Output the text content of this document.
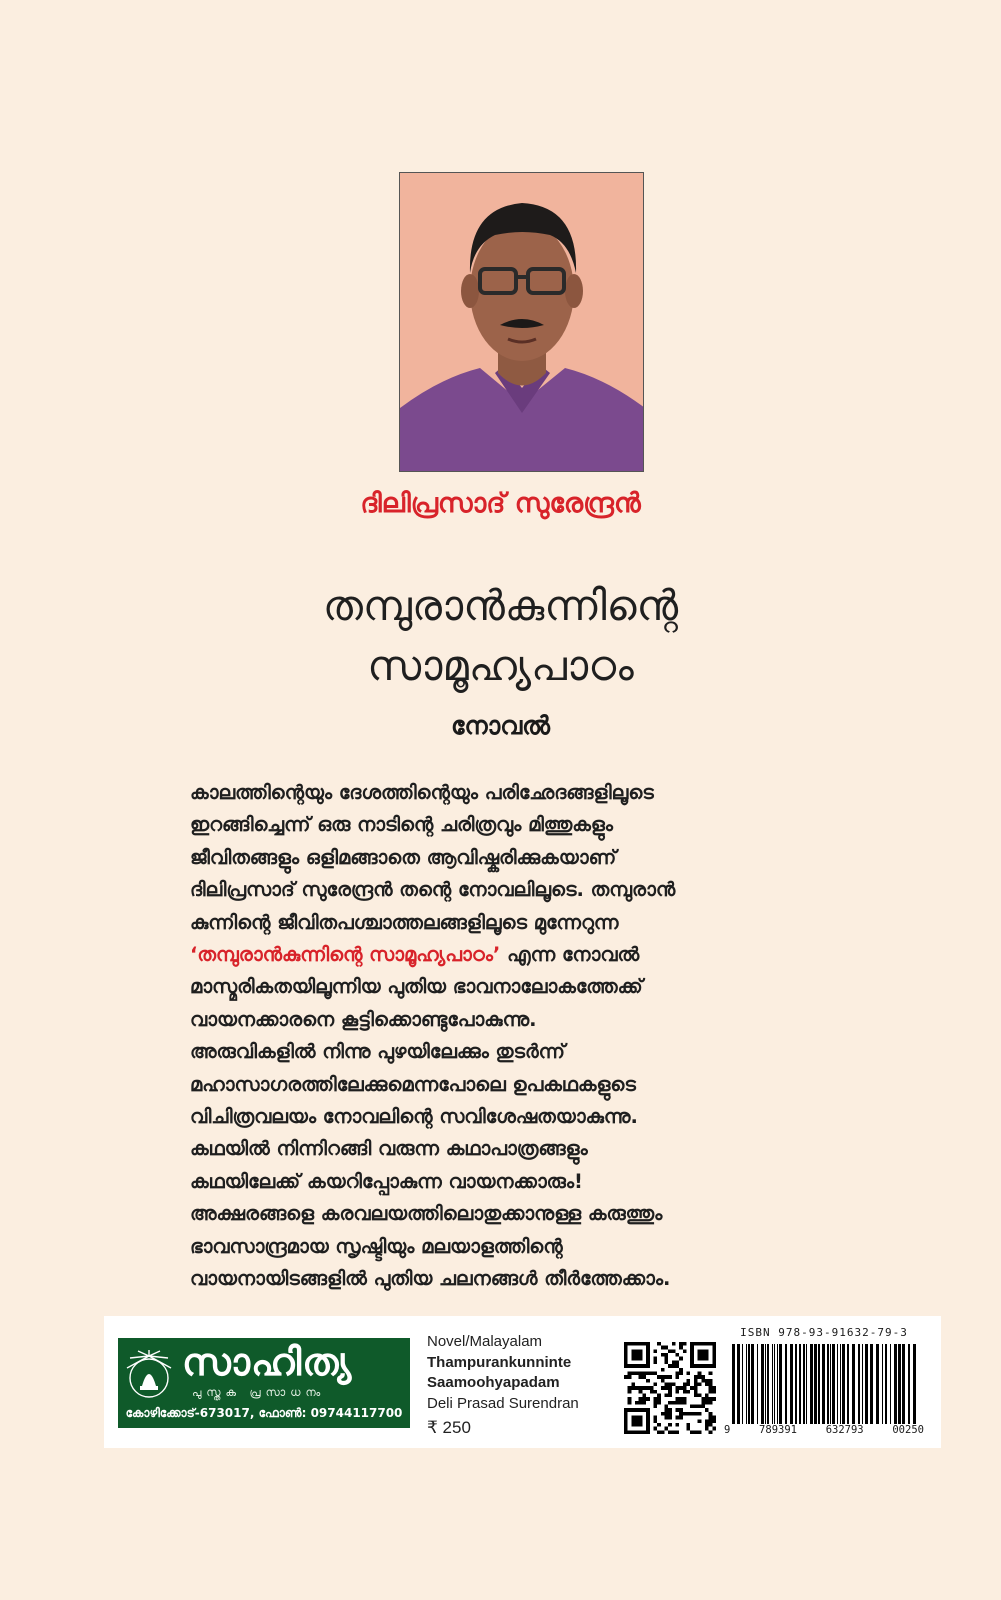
ദിലിപ്രസാദ് സുരേന്ദ്രൻ
തമ്പുരാൻകുന്നിന്റെ
സാമൂഹ്യപാഠം
നോവൽ
കാലത്തിന്റെയും ദേശത്തിന്റെയും പരിഛേദങ്ങളിലൂടെ
ഇറങ്ങിച്ചെന്ന് ഒരു നാടിന്റെ ചരിത്രവും മിത്തുകളും
ജീവിതങ്ങളും ഒളിമങ്ങാതെ ആവിഷ്കരിക്കുകയാണ്
ദിലിപ്രസാദ് സുരേന്ദ്രൻ തന്റെ നോവലിലൂടെ. തമ്പുരാൻ
കുന്നിന്റെ ജീവിതപശ്ചാത്തലങ്ങളിലൂടെ മുന്നേറുന്ന
‘തമ്പുരാൻകുന്നിന്റെ സാമൂഹ്യപാഠം’ എന്ന നോവൽ
മാസ്മരികതയിലൂന്നിയ പുതിയ ഭാവനാലോകത്തേക്ക്
വായനക്കാരനെ കൂട്ടിക്കൊണ്ടുപോകുന്നു.
അരുവികളിൽ നിന്നു പുഴയിലേക്കും തുടർന്ന്
മഹാസാഗരത്തിലേക്കുമെന്നപോലെ ഉപകഥകളുടെ
വിചിത്രവലയം നോവലിന്റെ സവിശേഷതയാകുന്നു.
കഥയിൽ നിന്നിറങ്ങി വരുന്ന കഥാപാത്രങ്ങളും
കഥയിലേക്ക് കയറിപ്പോകുന്ന വായനക്കാരും!
അക്ഷരങ്ങളെ കരവലയത്തിലൊതുക്കാനുള്ള കരുത്തും
ഭാവസാന്ദ്രമായ സൃഷ്ടിയും മലയാളത്തിന്റെ
വായനായിടങ്ങളിൽ പുതിയ ചലനങ്ങൾ തീർത്തേക്കാം.
സാഹിത്യ
പുസ്തക പ്രസാധനം
കോഴിക്കോട്-673017, ഫോൺ: 09744117700
Novel/Malayalam
Thampurankunninte
Saamoohyapadam
Deli Prasad Surendran
₹ 250
ISBN 978-93-91632-79-3
9	789391	632793	00250
